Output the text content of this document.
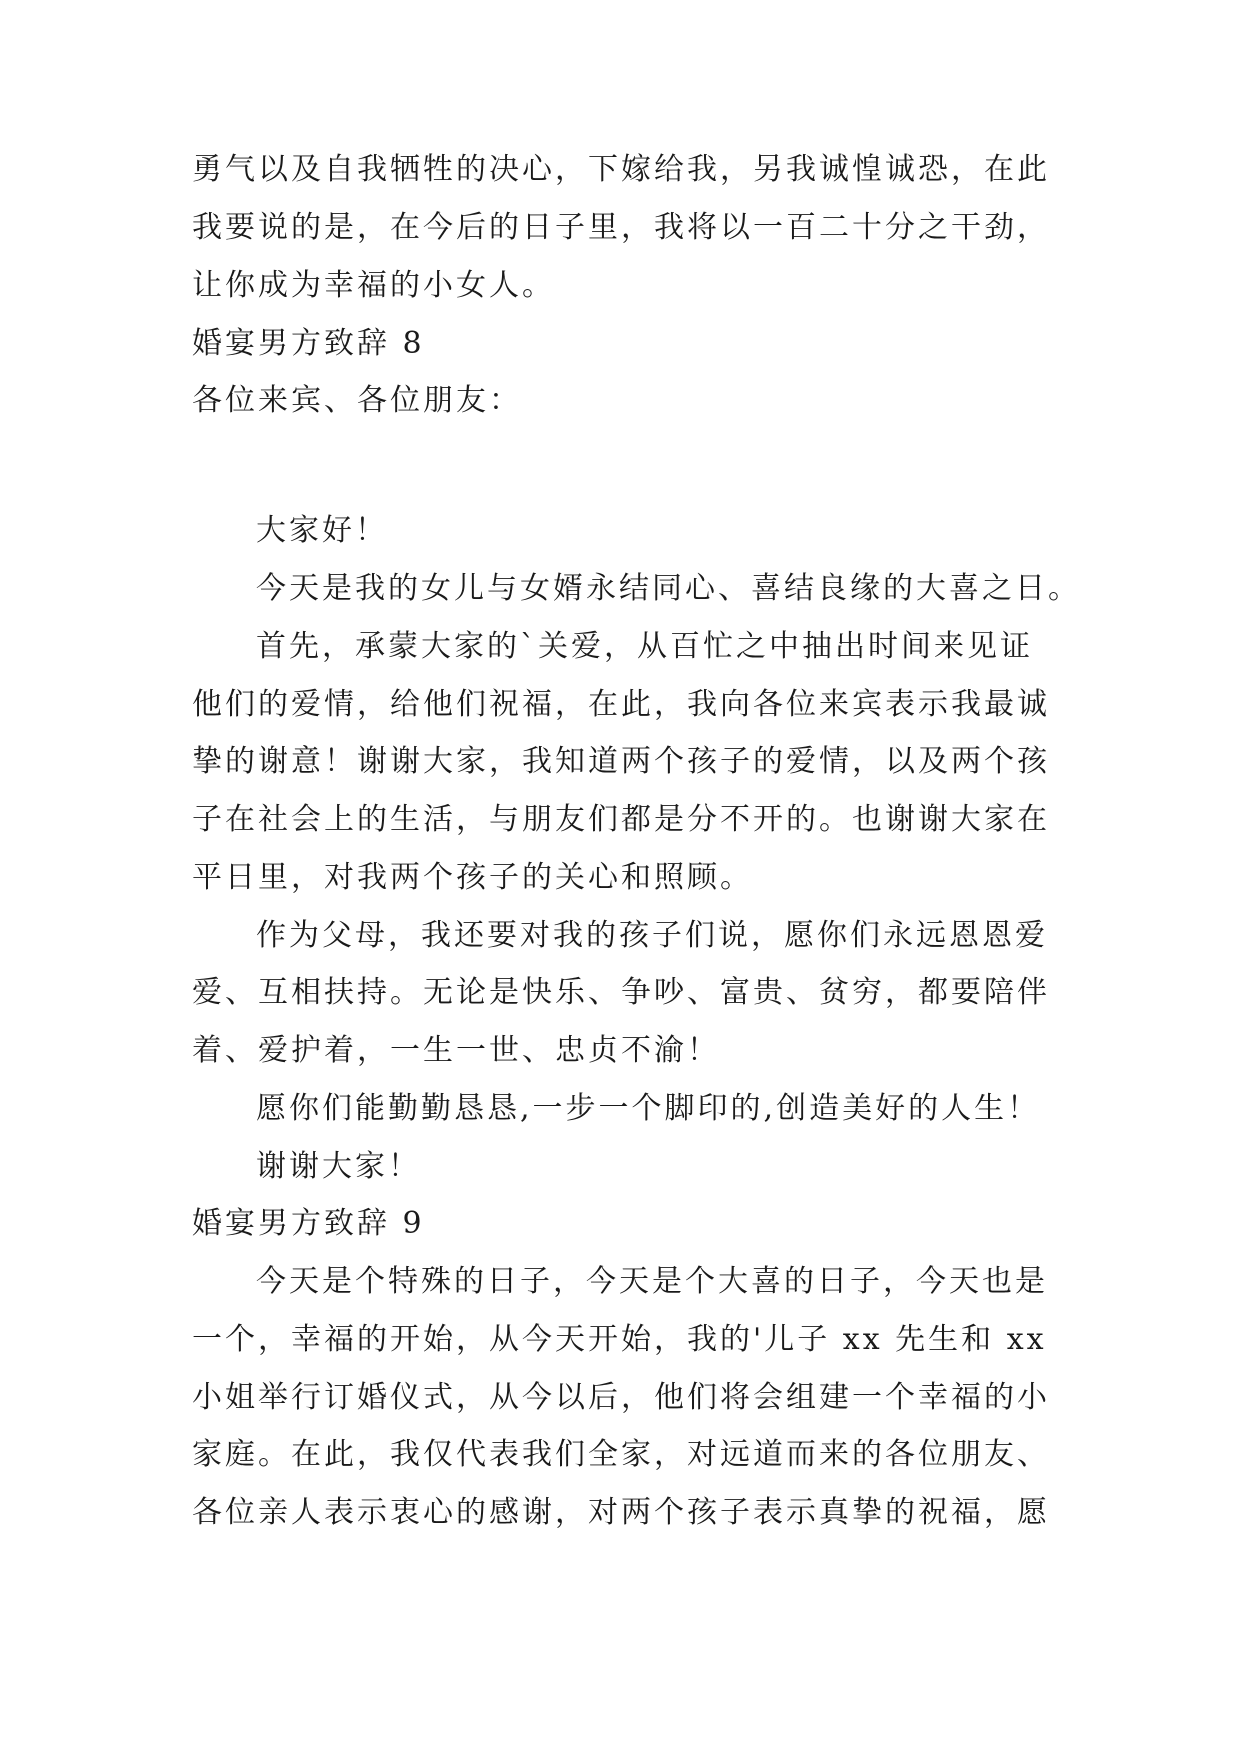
勇气以及自我牺牲的决心，下嫁给我，另我诚惶诚恐，在此

我要说的是，在今后的日子里，我将以一百二十分之干劲，

让你成为幸福的小女人。

婚宴男方致辞 8

各位来宾、各位朋友：

大家好！

今天是我的女儿与女婿永结同心、喜结良缘的大喜之日。

首先，承蒙大家的`关爱，从百忙之中抽出时间来见证

他们的爱情，给他们祝福，在此，我向各位来宾表示我最诚

挚的谢意！谢谢大家，我知道两个孩子的爱情，以及两个孩

子在社会上的生活，与朋友们都是分不开的。也谢谢大家在

平日里，对我两个孩子的关心和照顾。

作为父母，我还要对我的孩子们说，愿你们永远恩恩爱

爱、互相扶持。无论是快乐、争吵、富贵、贫穷，都要陪伴

着、爱护着，一生一世、忠贞不渝！

愿你们能勤勤恳恳,一步一个脚印的,创造美好的人生！

谢谢大家！

婚宴男方致辞 9

今天是个特殊的日子，今天是个大喜的日子，今天也是

一个，幸福的开始，从今天开始，我的'儿子 xx 先生和 xx

小姐举行订婚仪式，从今以后，他们将会组建一个幸福的小

家庭。在此，我仅代表我们全家，对远道而来的各位朋友、

各位亲人表示衷心的感谢，对两个孩子表示真挚的祝福，愿
